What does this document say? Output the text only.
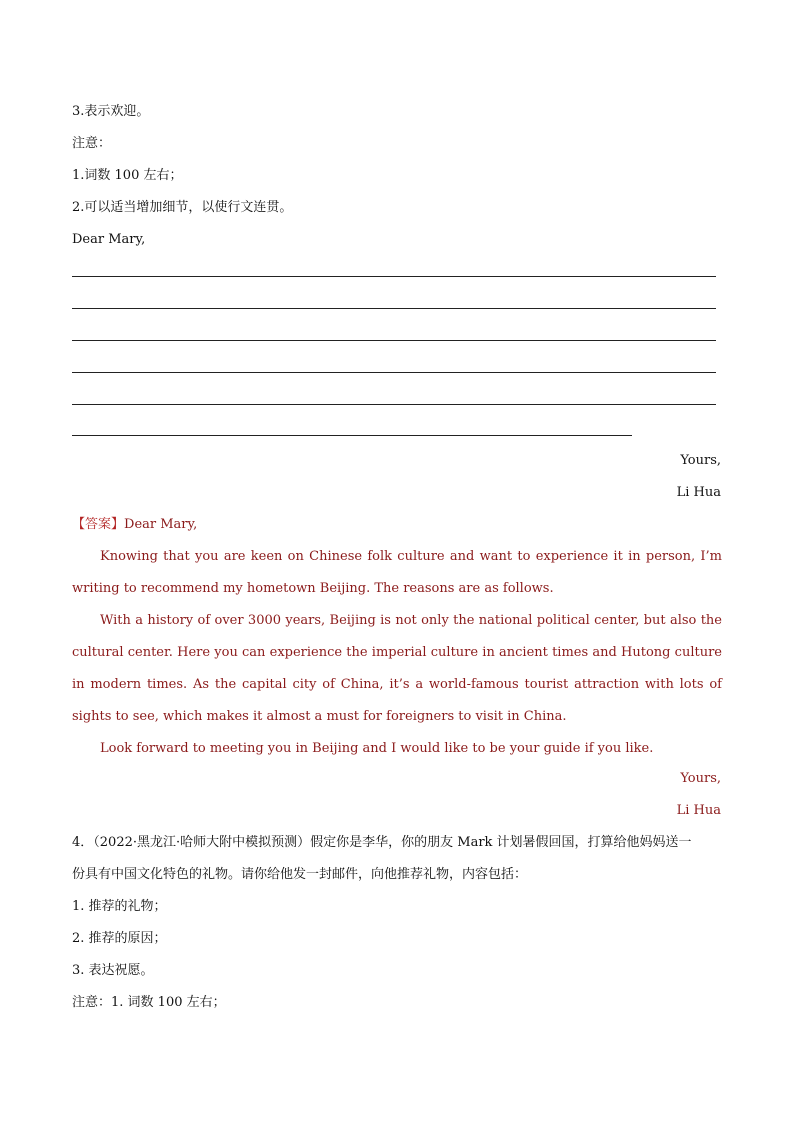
3.表示欢迎。
注意：
1.词数 100 左右；
2.可以适当增加细节，以使行文连贯。
Dear Mary,
Yours,
Li Hua
【答案】Dear Mary,
Knowing that you are keen on Chinese folk culture and want to experience it in person, I’m writing to recommend my hometown Beijing. The reasons are as follows.
With a history of over 3000 years, Beijing is not only the national political center, but also the cultural center. Here you can experience the imperial culture in ancient times and Hutong culture in modern times. As the capital city of China, it’s a world-famous tourist attraction with lots of sights to see, which makes it almost a must for foreigners to visit in China.
Look forward to meeting you in Beijing and I would like to be your guide if you like.
Yours,
Li Hua
4．（2022·黑龙江·哈师大附中模拟预测）假定你是李华，你的朋友 Mark 计划暑假回国，打算给他妈妈送一
份具有中国文化特色的礼物。请你给他发一封邮件，向他推荐礼物，内容包括：
1. 推荐的礼物；
2. 推荐的原因；
3. 表达祝愿。
注意：1. 词数 100 左右；
